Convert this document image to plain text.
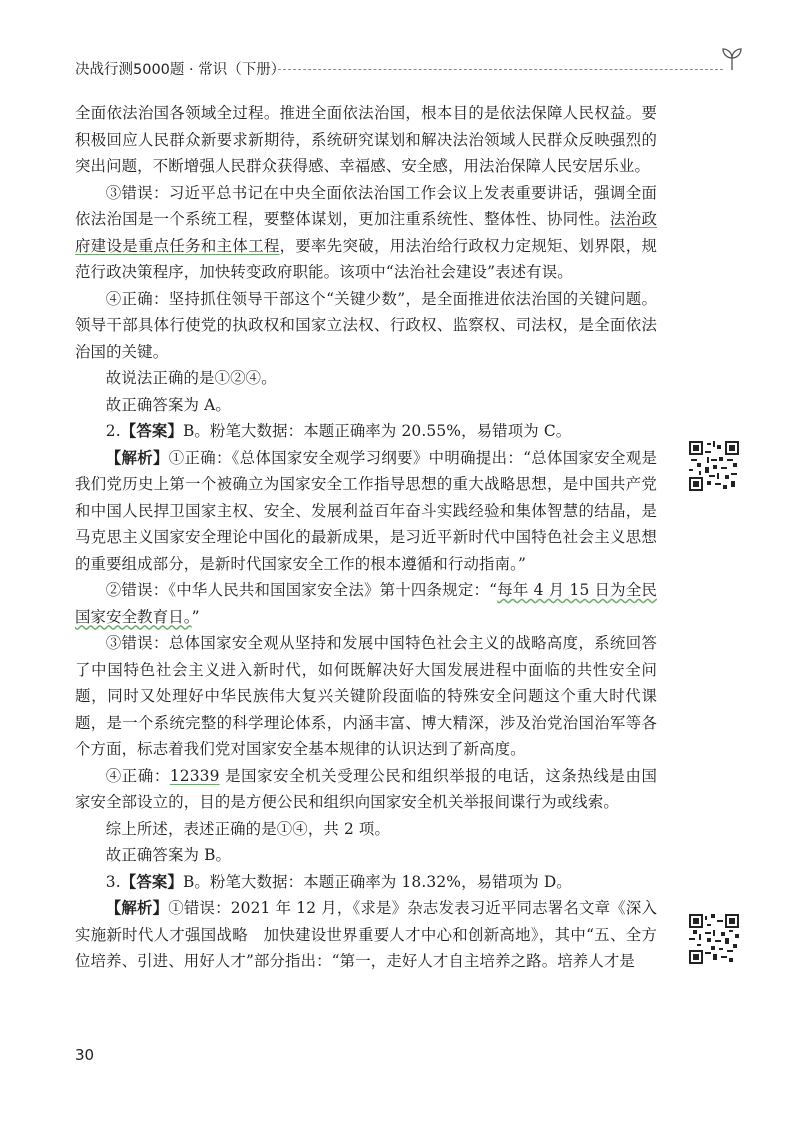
决战行测5000题 · 常识（下册）

全面依法治国各领域全过程。推进全面依法治国，根本目的是依法保障人民权益。要积极回应人民群众新要求新期待，系统研究谋划和解决法治领域人民群众反映强烈的突出问题，不断增强人民群众获得感、幸福感、安全感，用法治保障人民安居乐业。

③错误：习近平总书记在中央全面依法治国工作会议上发表重要讲话，强调全面依法治国是一个系统工程，要整体谋划，更加注重系统性、整体性、协同性。法治政府建设是重点任务和主体工程，要率先突破，用法治给行政权力定规矩、划界限，规范行政决策程序，加快转变政府职能。该项中“法治社会建设”表述有误。

④正确：坚持抓住领导干部这个“关键少数”，是全面推进依法治国的关键问题。领导干部具体行使党的执政权和国家立法权、行政权、监察权、司法权，是全面依法治国的关键。

故说法正确的是①②④。

故正确答案为 A。

2.【答案】B。粉笔大数据：本题正确率为 20.55%，易错项为 C。

【解析】①正确：《总体国家安全观学习纲要》中明确提出：“总体国家安全观是我们党历史上第一个被确立为国家安全工作指导思想的重大战略思想，是中国共产党和中国人民捍卫国家主权、安全、发展利益百年奋斗实践经验和集体智慧的结晶，是马克思主义国家安全理论中国化的最新成果，是习近平新时代中国特色社会主义思想的重要组成部分，是新时代国家安全工作的根本遵循和行动指南。”

②错误：《中华人民共和国国家安全法》第十四条规定：“每年 4 月 15 日为全民国家安全教育日。”

③错误：总体国家安全观从坚持和发展中国特色社会主义的战略高度，系统回答了中国特色社会主义进入新时代，如何既解决好大国发展进程中面临的共性安全问题，同时又处理好中华民族伟大复兴关键阶段面临的特殊安全问题这个重大时代课题，是一个系统完整的科学理论体系，内涵丰富、博大精深，涉及治党治国治军等各个方面，标志着我们党对国家安全基本规律的认识达到了新高度。

④正确：12339 是国家安全机关受理公民和组织举报的电话，这条热线是由国家安全部设立的，目的是方便公民和组织向国家安全机关举报间谍行为或线索。

综上所述，表述正确的是①④，共 2 项。

故正确答案为 B。

3.【答案】B。粉笔大数据：本题正确率为 18.32%，易错项为 D。

【解析】①错误：2021 年 12 月，《求是》杂志发表习近平同志署名文章《深入实施新时代人才强国战略　加快建设世界重要人才中心和创新高地》，其中“五、全方位培养、引进、用好人才”部分指出：“第一，走好人才自主培养之路。培养人才是

30
